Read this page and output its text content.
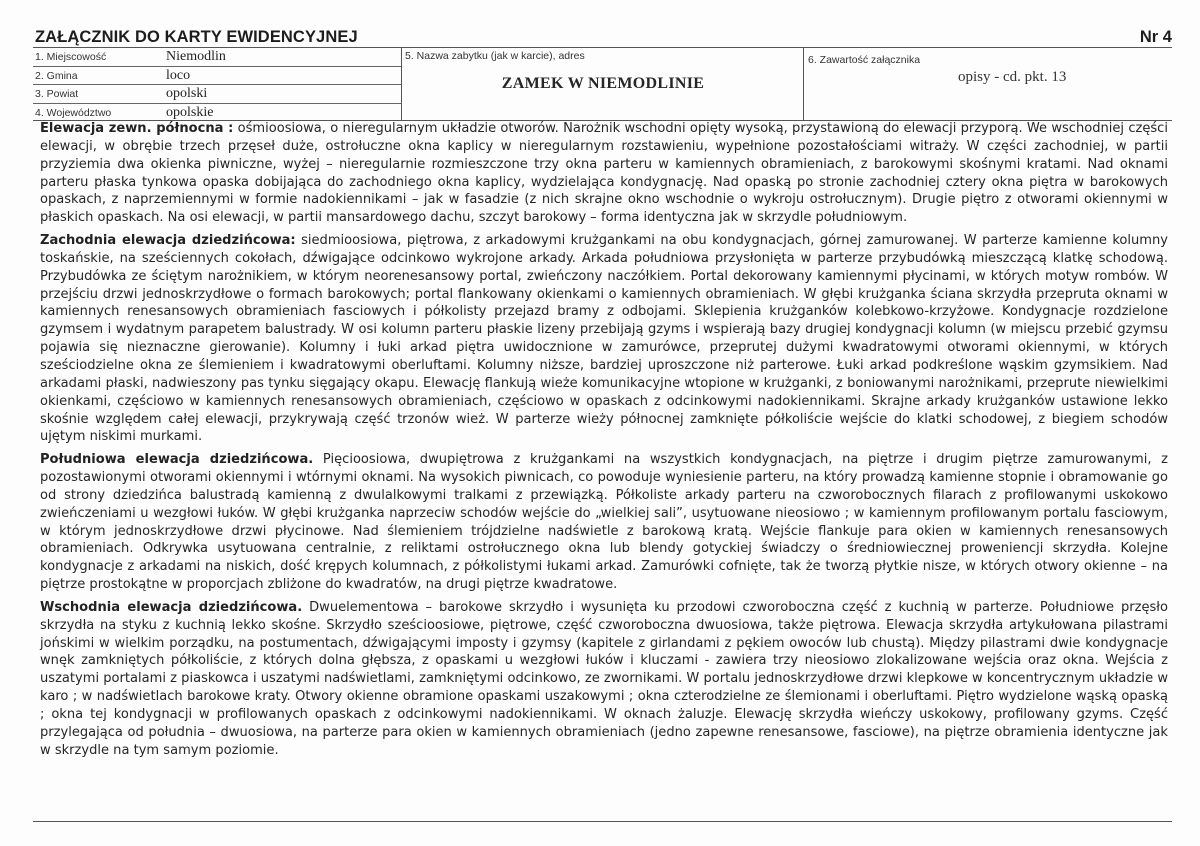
ZAŁĄCZNIK DO KARTY EWIDENCYJNEJ	Nr 4
1. Miejscowość	Niemodlin
2. Gmina	loco
3. Powiat	opolski
4. Województwo	opolskie
5. Nazwa zabytku (jak w karcie), adres
ZAMEK W NIEMODLINIE
6. Zawartość załącznika
opisy - cd. pkt. 13

Elewacja zewn. północna : ośmioosiowa, o nieregularnym układzie otworów. Narożnik wschodni opięty wysoką, przystawioną do elewacji przyporą. We wschodniej części elewacji, w obrębie trzech przęseł duże, ostrołuczne okna kaplicy w nieregularnym rozstawieniu, wypełnione pozostałościami witraży. W części zachodniej, w partii przyziemia dwa okienka piwniczne, wyżej – nieregularnie rozmieszczone trzy okna parteru w kamiennych obramieniach, z barokowymi skośnymi kratami. Nad oknami parteru płaska tynkowa opaska dobijająca do zachodniego okna kaplicy, wydzielająca kondygnację. Nad opaską po stronie zachodniej cztery okna piętra w barokowych opaskach, z naprzemiennymi w formie nadokiennikami – jak w fasadzie (z nich skrajne okno wschodnie o wykroju ostrołucznym). Drugie piętro z otworami okiennymi w płaskich opaskach. Na osi elewacji, w partii mansardowego dachu, szczyt barokowy – forma identyczna jak w skrzydle południowym.

Zachodnia elewacja dziedzińcowa: siedmioosiowa, piętrowa, z arkadowymi krużgankami na obu kondygnacjach, górnej zamurowanej. W parterze kamienne kolumny toskańskie, na sześciennych cokołach, dźwigające odcinkowo wykrojone arkady. Arkada południowa przysłonięta w parterze przybudówką mieszczącą klatkę schodową. Przybudówka ze ściętym narożnikiem, w którym neorenesansowy portal, zwieńczony naczółkiem. Portal dekorowany kamiennymi płycinami, w których motyw rombów. W przejściu drzwi jednoskrzydłowe o formach barokowych; portal flankowany okienkami o kamiennych obramieniach. W głębi krużganka ściana skrzydła przepruta oknami w kamiennych renesansowych obramieniach fasciowych i półkolisty przejazd bramy z odbojami. Sklepienia krużganków kolebkowo-krzyżowe. Kondygnacje rozdzielone gzymsem i wydatnym parapetem balustrady. W osi kolumn parteru płaskie lizeny przebijają gzyms i wspierają bazy drugiej kondygnacji kolumn (w miejscu przebić gzymsu pojawia się nieznaczne gierowanie). Kolumny i łuki arkad piętra uwidocznione w zamurówce, przeprutej dużymi kwadratowymi otworami okiennymi, w których sześciodzielne okna ze ślemieniem i kwadratowymi oberluftami. Kolumny niższe, bardziej uproszczone niż parterowe. Łuki arkad podkreślone wąskim gzymsikiem. Nad arkadami płaski, nadwieszony pas tynku sięgający okapu. Elewację flankują wieże komunikacyjne wtopione w krużganki, z boniowanymi narożnikami, przeprute niewielkimi okienkami, częściowo w kamiennych renesansowych obramieniach, częściowo w opaskach z odcinkowymi nadokiennikami. Skrajne arkady krużganków ustawione lekko skośnie względem całej elewacji, przykrywają część trzonów wież. W parterze wieży północnej zamknięte półkoliście wejście do klatki schodowej, z biegiem schodów ujętym niskimi murkami.

Południowa elewacja dziedzińcowa. Pięcioosiowa, dwupiętrowa z krużgankami na wszystkich kondygnacjach, na piętrze i drugim piętrze zamurowanymi, z pozostawionymi otworami okiennymi i wtórnymi oknami. Na wysokich piwnicach, co powoduje wyniesienie parteru, na który prowadzą kamienne stopnie i obramowanie go od strony dziedzińca balustradą kamienną z dwulalkowymi tralkami z przewiązką. Półkoliste arkady parteru na czworobocznych filarach z profilowanymi uskokowo zwieńczeniami u wezgłowi łuków. W głębi krużganka naprzeciw schodów wejście do „wielkiej sali”, usytuowane nieosiowo ; w kamiennym profilowanym portalu fasciowym, w którym jednoskrzydłowe drzwi płycinowe. Nad ślemieniem trójdzielne nadświetle z barokową kratą. Wejście flankuje para okien w kamiennych renesansowych obramieniach. Odkrywka usytuowana centralnie, z reliktami ostrołucznego okna lub blendy gotyckiej świadczy o średniowiecznej proweniencji skrzydła. Kolejne kondygnacje z arkadami na niskich, dość krępych kolumnach, z półkolistymi łukami arkad. Zamurówki cofnięte, tak że tworzą płytkie nisze, w których otwory okienne – na piętrze prostokątne w proporcjach zbliżone do kwadratów, na drugi piętrze kwadratowe.

Wschodnia elewacja dziedzińcowa. Dwuelementowa – barokowe skrzydło i wysunięta ku przodowi czworoboczna część z kuchnią w parterze. Południowe przęsło skrzydła na styku z kuchnią lekko skośne. Skrzydło sześcioosiowe, piętrowe, część czworoboczna dwuosiowa, także piętrowa. Elewacja skrzydła artykułowana pilastrami jońskimi w wielkim porządku, na postumentach, dźwigającymi imposty i gzymsy (kapitele z girlandami z pękiem owoców lub chustą). Między pilastrami dwie kondygnacje wnęk zamkniętych półkoliście, z których dolna głębsza, z opaskami u wezgłowi łuków i kluczami - zawiera trzy nieosiowo zlokalizowane wejścia oraz okna. Wejścia z uszatymi portalami z piaskowca i uszatymi nadświetlami, zamkniętymi odcinkowo, ze zwornikami. W portalu jednoskrzydłowe drzwi klepkowe w koncentrycznym układzie w karo ; w nadświetlach barokowe kraty. Otwory okienne obramione opaskami uszakowymi ; okna czterodzielne ze ślemionami i oberluftami. Piętro wydzielone wąską opaską ; okna tej kondygnacji w profilowanych opaskach z odcinkowymi nadokiennikami. W oknach żaluzje. Elewację skrzydła wieńczy uskokowy, profilowany gzyms. Część przylegająca od południa – dwuosiowa, na parterze para okien w kamiennych obramieniach (jedno zapewne renesansowe, fasciowe), na piętrze obramienia identyczne jak w skrzydle na tym samym poziomie.
